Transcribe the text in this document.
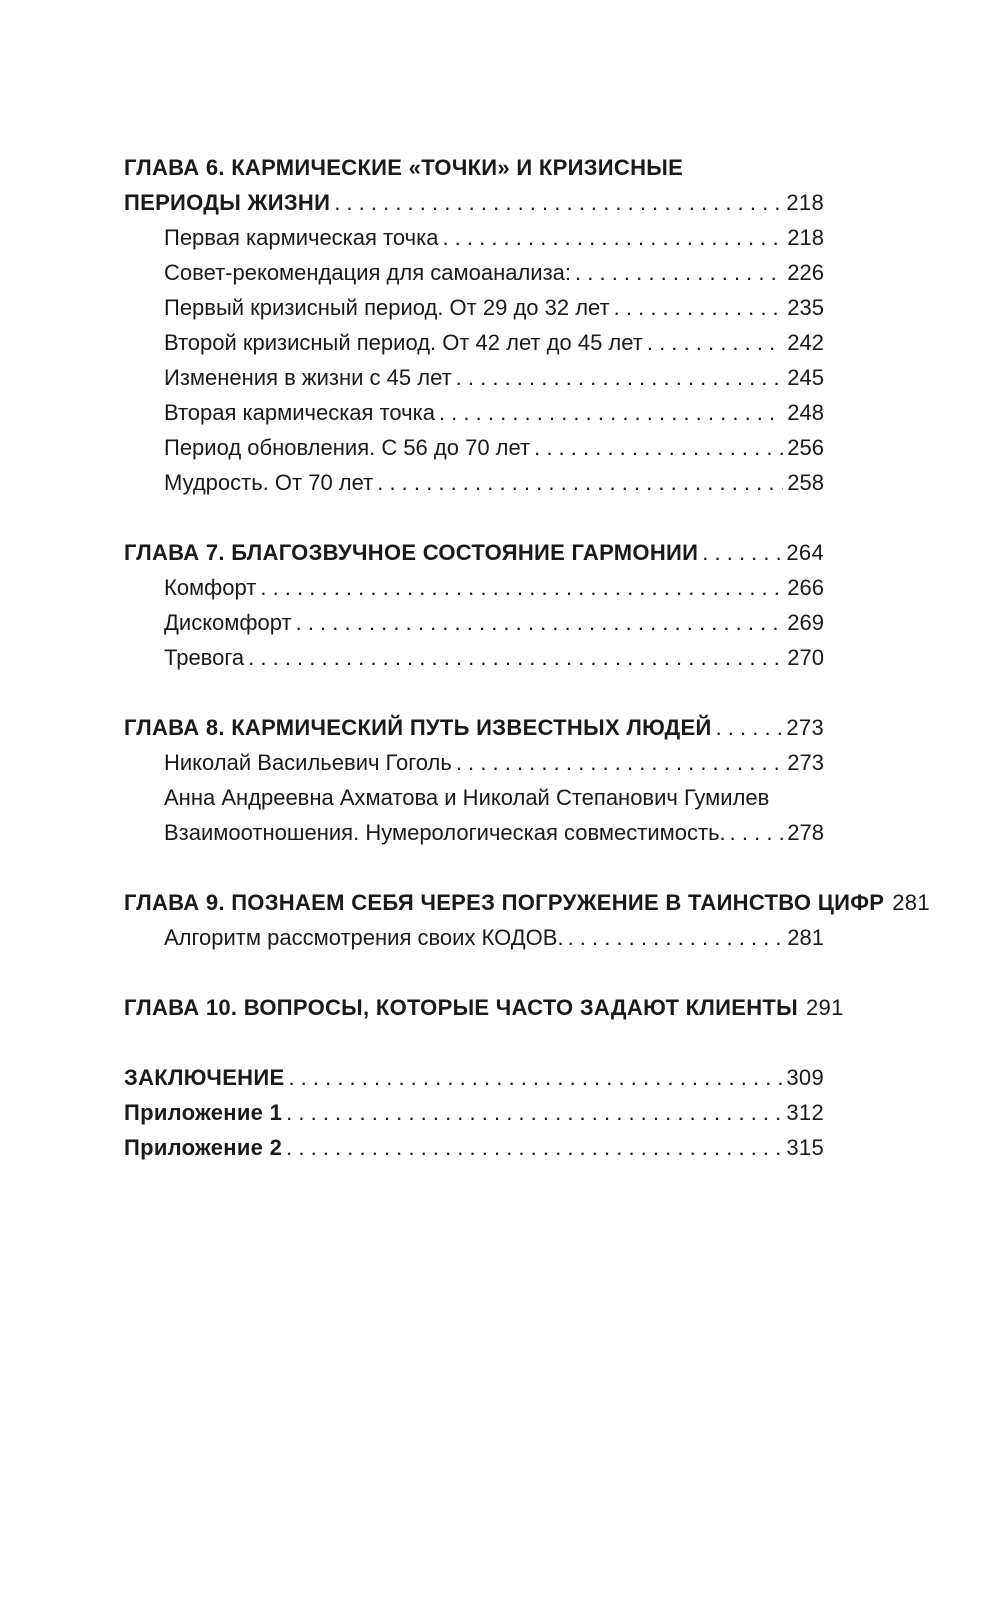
ГЛАВА 6. КАРМИЧЕСКИЕ «ТОЧКИ» И КРИЗИСНЫЕ
ПЕРИОДЫ ЖИЗНИ . . .	218
Первая кармическая точка . . .	218
Совет-рекомендация для самоанализа: . . .	226
Первый кризисный период. От 29 до 32 лет . . .	235
Второй кризисный период. От 42 лет до 45 лет . . .	242
Изменения в жизни с 45 лет . . .	245
Вторая кармическая точка . . .	248
Период обновления. С 56 до 70 лет . . .	256
Мудрость. От 70 лет . . .	258
ГЛАВА 7. БЛАГОЗВУЧНОЕ СОСТОЯНИЕ ГАРМОНИИ . . .	264
Комфорт . . .	266
Дискомфорт . . .	269
Тревога . . .	270
ГЛАВА 8. КАРМИЧЕСКИЙ ПУТЬ ИЗВЕСТНЫХ ЛЮДЕЙ . . .	273
Николай Васильевич Гоголь . . .	273
Анна Андреевна Ахматова и Николай Степанович Гумилев
Взаимоотношения. Нумерологическая совместимость. . . .	278
ГЛАВА 9. ПОЗНАЕМ СЕБЯ ЧЕРЕЗ ПОГРУЖЕНИЕ В ТАИНСТВО ЦИФР 281
Алгоритм рассмотрения своих КОДОВ. . . .	281
ГЛАВА 10. ВОПРОСЫ, КОТОРЫЕ ЧАСТО ЗАДАЮТ КЛИЕНТЫ 291
ЗАКЛЮЧЕНИЕ . . .	309
Приложение 1 . . .	312
Приложение 2 . . .	315
